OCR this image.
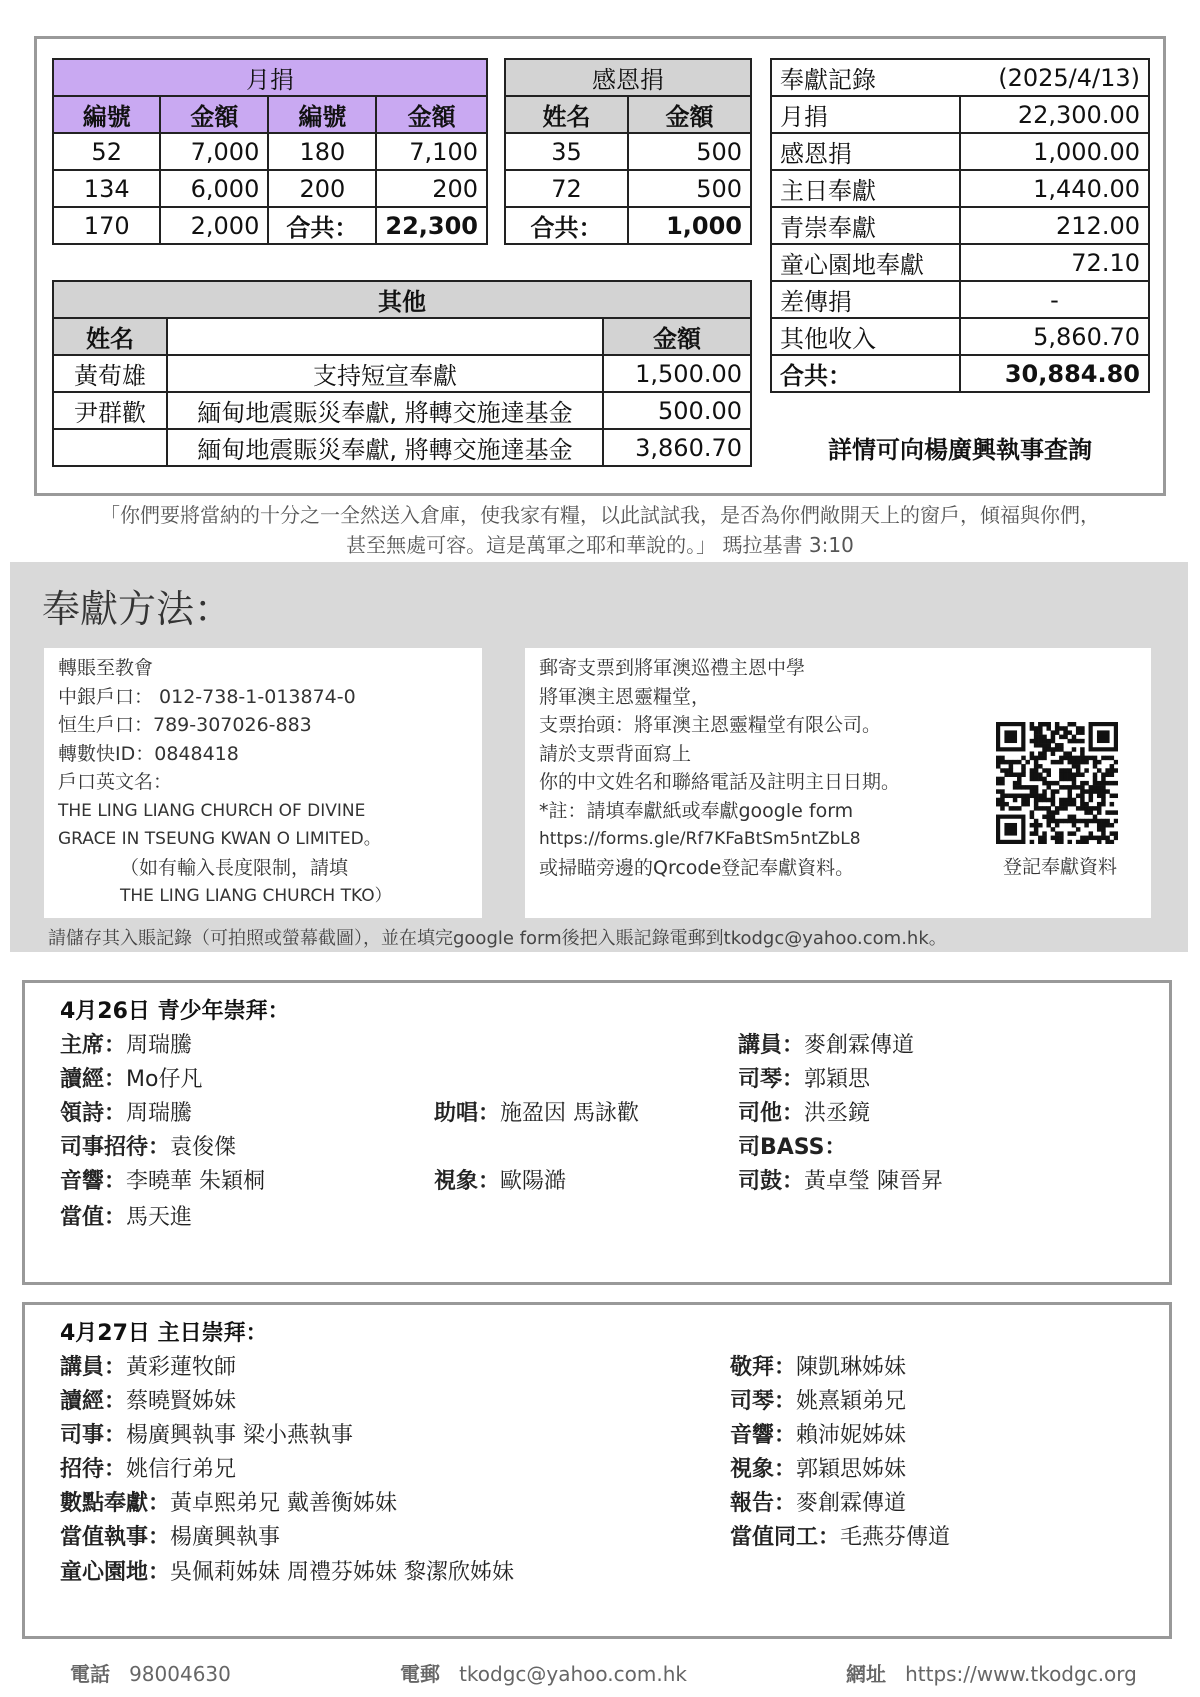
月捐			
編號	金額	編號	金額
52	7,000	180	7,100
134	6,000	200	200
170	2,000	合共：	22,300
感恩捐	
姓名	金額
35	500
72	500
合共：	1,000
奉獻記錄	(2025/4/13)
月捐	22,300.00
感恩捐	1,000.00
主日奉獻	1,440.00
青崇奉獻	212.00
童心園地奉獻	72.10
差傳捐	-
其他收入	5,860.70
合共：	30,884.80
詳情可向楊廣興執事查詢
其他		
姓名		金額
黃荀雄	支持短宣奉獻	1,500.00
尹群歡	緬甸地震賑災奉獻, 將轉交施達基金	500.00
	緬甸地震賑災奉獻, 將轉交施達基金	3,860.70
「你們要將當納的十分之一全然送入倉庫，使我家有糧，以此試試我，是否為你們敞開天上的窗戶，傾福與你們，
甚至無處可容。這是萬軍之耶和華說的。」 瑪拉基書 3:10
奉獻方法：
轉賬至教會
中銀戶口： 012-738-1-013874-0
恒生戶口：789-307026-883
轉數快ID：0848418
戶口英文名：
THE LING LIANG CHURCH OF DIVINE
GRACE IN TSEUNG KWAN O LIMITED。
（如有輸入長度限制，請填
THE LING LIANG CHURCH TKO）
郵寄支票到將軍澳巡禮主恩中學
將軍澳主恩靈糧堂，
支票抬頭：將軍澳主恩靈糧堂有限公司。
請於支票背面寫上
你的中文姓名和聯絡電話及註明主日日期。
*註：請填奉獻紙或奉獻google form
https://forms.gle/Rf7KFaBtSm5ntZbL8
或掃瞄旁邊的Qrcode登記奉獻資料。	登記奉獻資料
請儲存其入賬記錄（可拍照或螢幕截圖），並在填完google form後把入賬記錄電郵到tkodgc@yahoo.com.hk。
4月26日 青少年崇拜：
主席：周瑞騰
讀經：Mo仔凡
領詩：周瑞騰
司事招待：袁俊傑
音響：李曉華 朱穎桐
當值：馬天進
助唱：施盈因 馬詠歡
視象：歐陽澔
講員：麥創霖傳道
司琴：郭穎思
司他：洪丞鏡
司BASS：
司鼓：黃卓瑩 陳晉昇
4月27日 主日崇拜：
講員：黃彩蓮牧師
讀經：蔡曉賢姊妹
司事：楊廣興執事 梁小燕執事
招待：姚信行弟兄
數點奉獻：黃卓熙弟兄 戴善衡姊妹
當值執事：楊廣興執事
童心園地：吳佩莉姊妹 周禮芬姊妹 黎潔欣姊妹
敬拜：陳凱琳姊妹
司琴：姚熹穎弟兄
音響：賴沛妮姊妹
視象：郭穎思姊妹
報告：麥創霖傳道
當值同工：毛燕芬傳道
電話 98004630	電郵 tkodgc@yahoo.com.hk	網址 https://www.tkodgc.org
